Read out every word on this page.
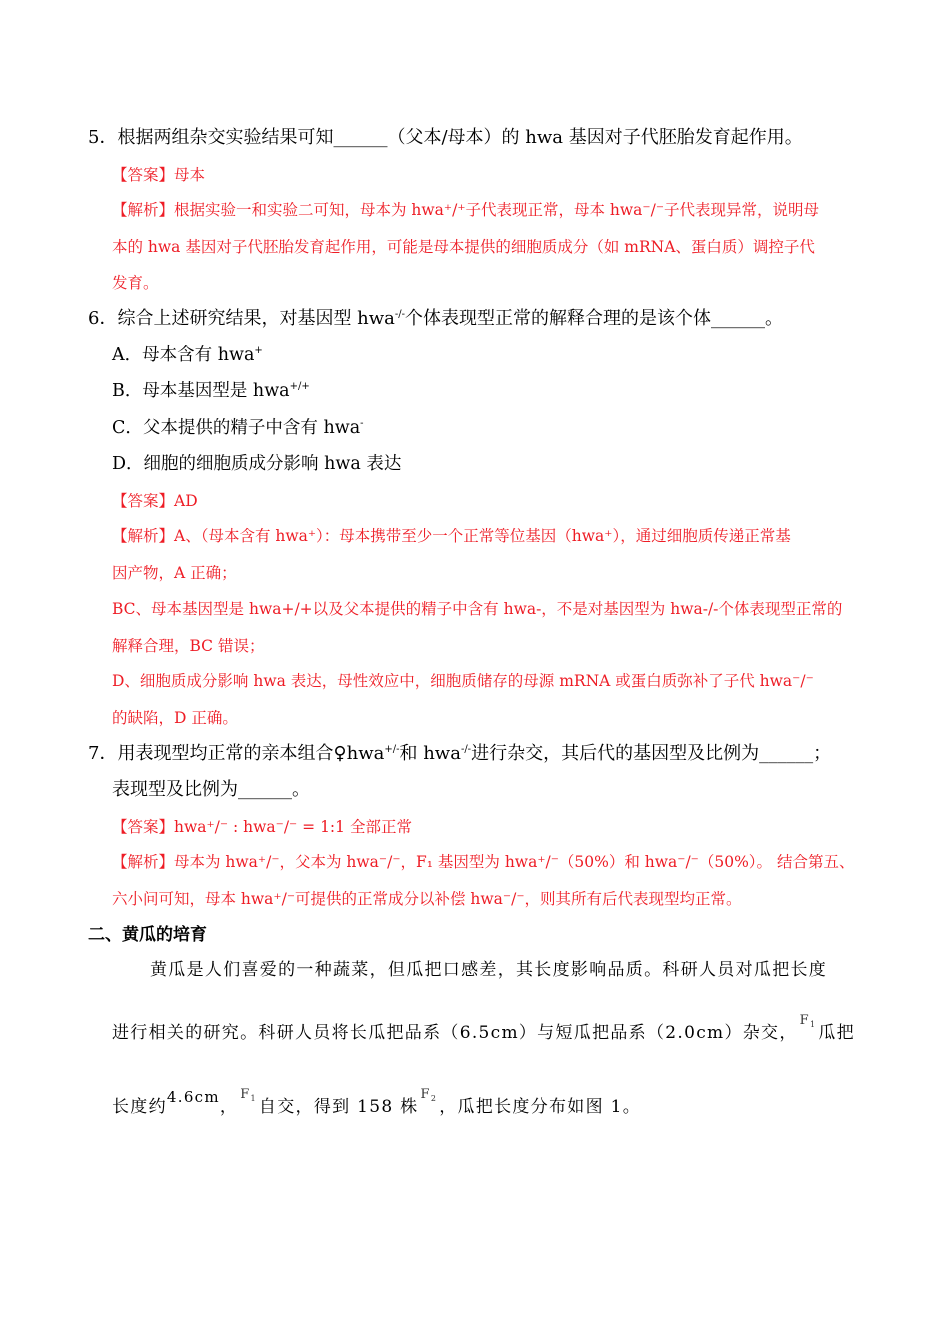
5．根据两组杂交实验结果可知______（父本/母本）的 hwa 基因对子代胚胎发育起作用。
【答案】母本
【解析】根据实验一和实验二可知，母本为 hwa⁺/⁺子代表现正常，母本 hwa⁻/⁻子代表现异常，说明母
本的 hwa 基因对子代胚胎发育起作用，可能是母本提供的细胞质成分（如 mRNA、蛋白质）调控子代
发育。
6．综合上述研究结果，对基因型 hwa-/-个体表现型正常的解释合理的是该个体______。
A．母本含有 hwa+
B．母本基因型是 hwa+/+
C．父本提供的精子中含有 hwa-
D．细胞的细胞质成分影响 hwa 表达
【答案】AD
【解析】A、（母本含有 hwa⁺）：母本携带至少一个正常等位基因（hwa⁺），通过细胞质传递正常基
因产物，A 正确；
BC、母本基因型是 hwa+/+以及父本提供的精子中含有 hwa-，不是对基因型为 hwa-/-个体表现型正常的
解释合理，BC 错误；
D、细胞质成分影响 hwa 表达，母性效应中，细胞质储存的母源 mRNA 或蛋白质弥补了子代 hwa⁻/⁻
的缺陷，D 正确。
7．用表现型均正常的亲本组合♀hwa+/-和 hwa-/-进行杂交，其后代的基因型及比例为______；
表现型及比例为______。
【答案】hwa⁺/⁻ : hwa⁻/⁻ = 1:1 全部正常
【解析】母本为 hwa⁺/⁻，父本为 hwa⁻/⁻，F₁ 基因型为 hwa⁺/⁻（50%）和 hwa⁻/⁻（50%）。 结合第五、
六小问可知，母本 hwa⁺/⁻可提供的正常成分以补偿 hwa⁻/⁻，则其所有后代表现型均正常。
二、黄瓜的培育
黄瓜是人们喜爱的一种蔬菜，但瓜把口感差，其长度影响品质。科研人员对瓜把长度
进行相关的研究。科研人员将长瓜把品系（6.5cm）与短瓜把品系（2.0cm）杂交，$F_1$ 瓜把
长度约4.6cm，$F_1$ 自交，得到 158 株$F_2$ ，瓜把长度分布如图 1。
